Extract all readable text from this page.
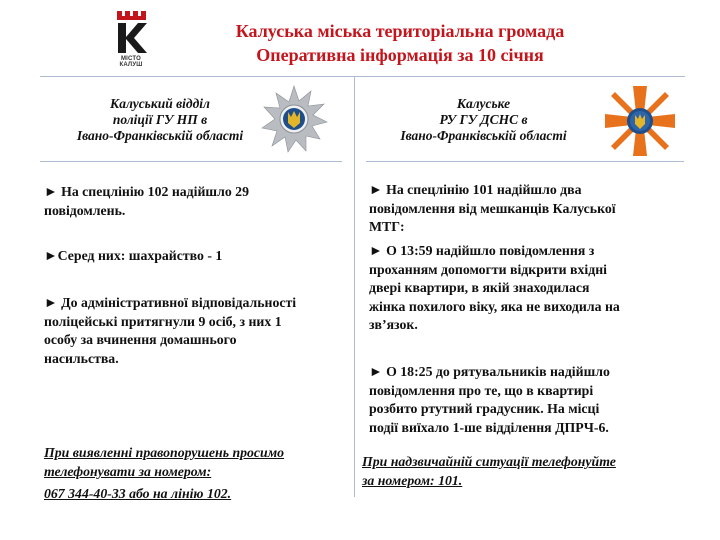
МІСТО
КАЛУШ
Калуська міська територіальна громада
Оперативна інформація за 10 січня
Калуський відділ
поліції ГУ НП в
Івано-Франківській області
► На спецлінію 102 надійшло 29
повідомлень.
►Серед них: шахрайство - 1
► До адміністративної відповідальності
поліцейські притягнули 9 осіб, з них 1
особу за вчинення домашнього
насильства.
При виявленні правопорушень просимо
телефонувати за номером:
067 344-40-33 або на лінію 102.
Калуське
РУ ГУ ДСНС в
Івано-Франківській області
► На спецлінію 101 надійшло два
повідомлення від мешканців Калуської
МТГ:
► О 13:59 надійшло повідомлення з
проханням допомогти відкрити вхідні
двері квартири, в якій знаходилася
жінка похилого віку, яка не виходила на
зв’язок.
► О 18:25 до рятувальників надійшло
повідомлення про те, що в квартирі
розбито ртутний градусник. На місці
події виїхало 1-ше відділення ДПРЧ-6.
При надзвичайній ситуації телефонуйте
за номером: 101.
